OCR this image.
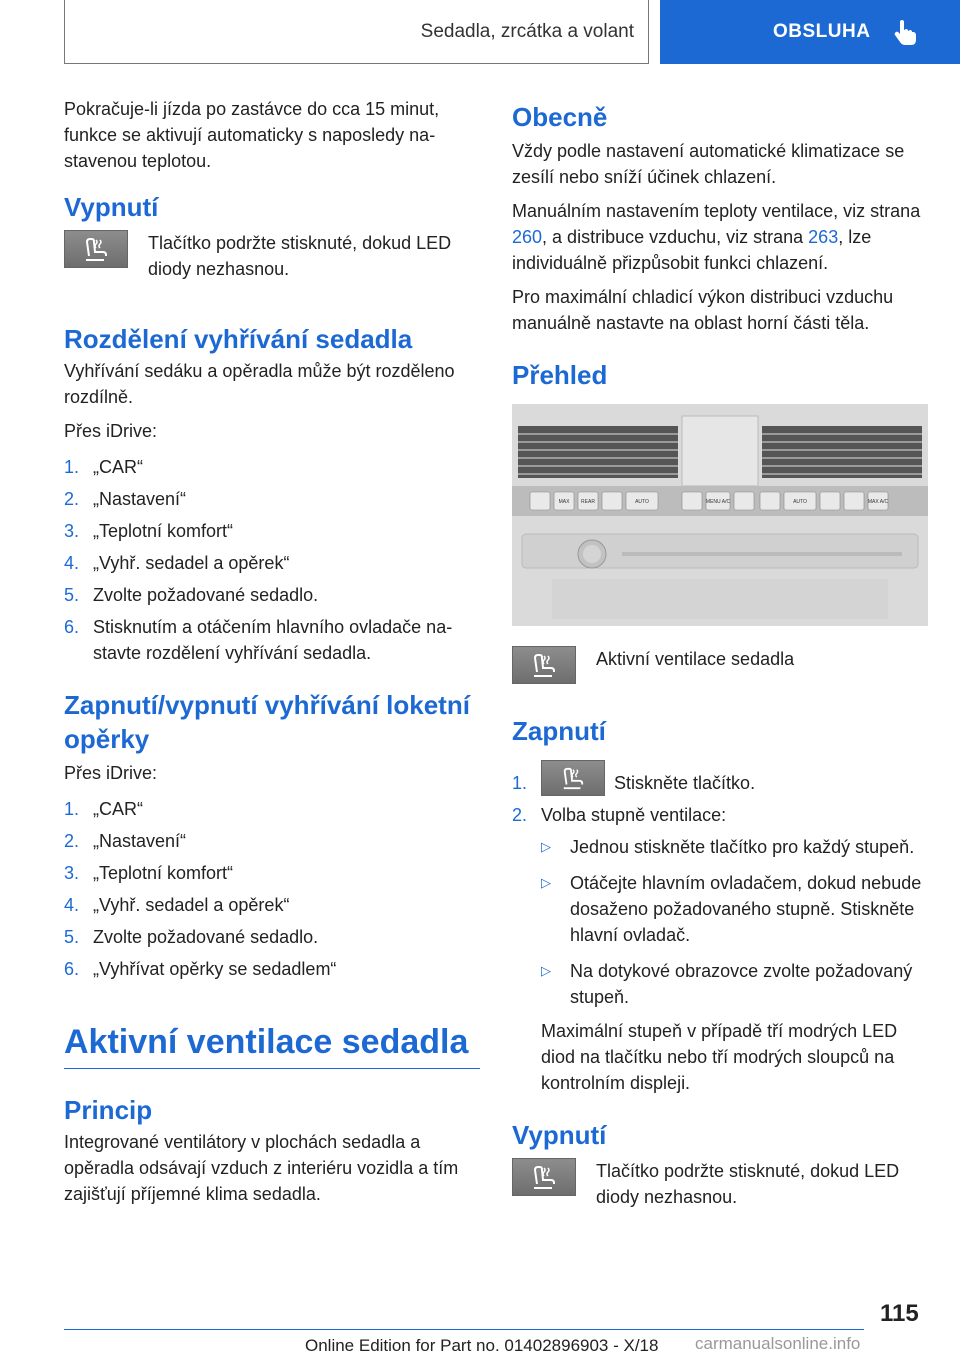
Sedadla, zrcátka a volant	OBSLUHA

Pokračuje-li jízda po zastávce do cca 15 minut, funkce se aktivují automaticky s naposledy nastavenou teplotou.

Vypnutí

Tlačítko podržte stisknuté, dokud LED diody nezhasnou.

Rozdělení vyhřívání sedadla

Vyhřívání sedáku a opěradla může být rozděleno rozdílně.

Přes iDrive:

1. „CAR“
2. „Nastavení“
3. „Teplotní komfort“
4. „Vyhř. sedadel a opěrek“
5. Zvolte požadované sedadlo.
6. Stisknutím a otáčením hlavního ovladače nastavte rozdělení vyhřívání sedadla.
Zapnutí/vypnutí vyhřívání loketní opěrky

Přes iDrive:

1. „CAR“
2. „Nastavení“
3. „Teplotní komfort“
4. „Vyhř. sedadel a opěrek“
5. Zvolte požadované sedadlo.
6. „Vyhřívat opěrky se sedadlem“
Aktivní ventilace sedadla
Princip

Integrované ventilátory v plochách sedadla a opěradla odsávají vzduch z interiéru vozidla a tím zajišťují příjemné klima sedadla.

Obecně

Vždy podle nastavení automatické klimatizace se zesílí nebo sníží účinek chlazení.

Manuálním nastavením teploty ventilace, viz strana 260, a distribuce vzduchu, viz strana 263, lze individuálně přizpůsobit funkci chlazení.

Pro maximální chladicí výkon distribuci vzduchu manuálně nastavte na oblast horní části těla.

Přehled
MAX REAR	AUTO	MENU A/C	AUTO	MAX A/C

Aktivní ventilace sedadla

Zapnutí
1.	Stiskněte tlačítko.
2. Volba stupně ventilace:
▷	Jednou stiskněte tlačítko pro každý stupeň.
▷	Otáčejte hlavním ovladačem, dokud nebude dosaženo požadovaného stupně. Stiskněte hlavní ovladač.
▷	Na dotykové obrazovce zvolte požadovaný stupeň.

Maximální stupeň v případě tří modrých LED diod na tlačítku nebo tří modrých sloupců na kontrolním displeji.

Vypnutí

Tlačítko podržte stisknuté, dokud LED diody nezhasnou.

115
Online Edition for Part no. 01402896903 - X/18 carmanualsonline.info
